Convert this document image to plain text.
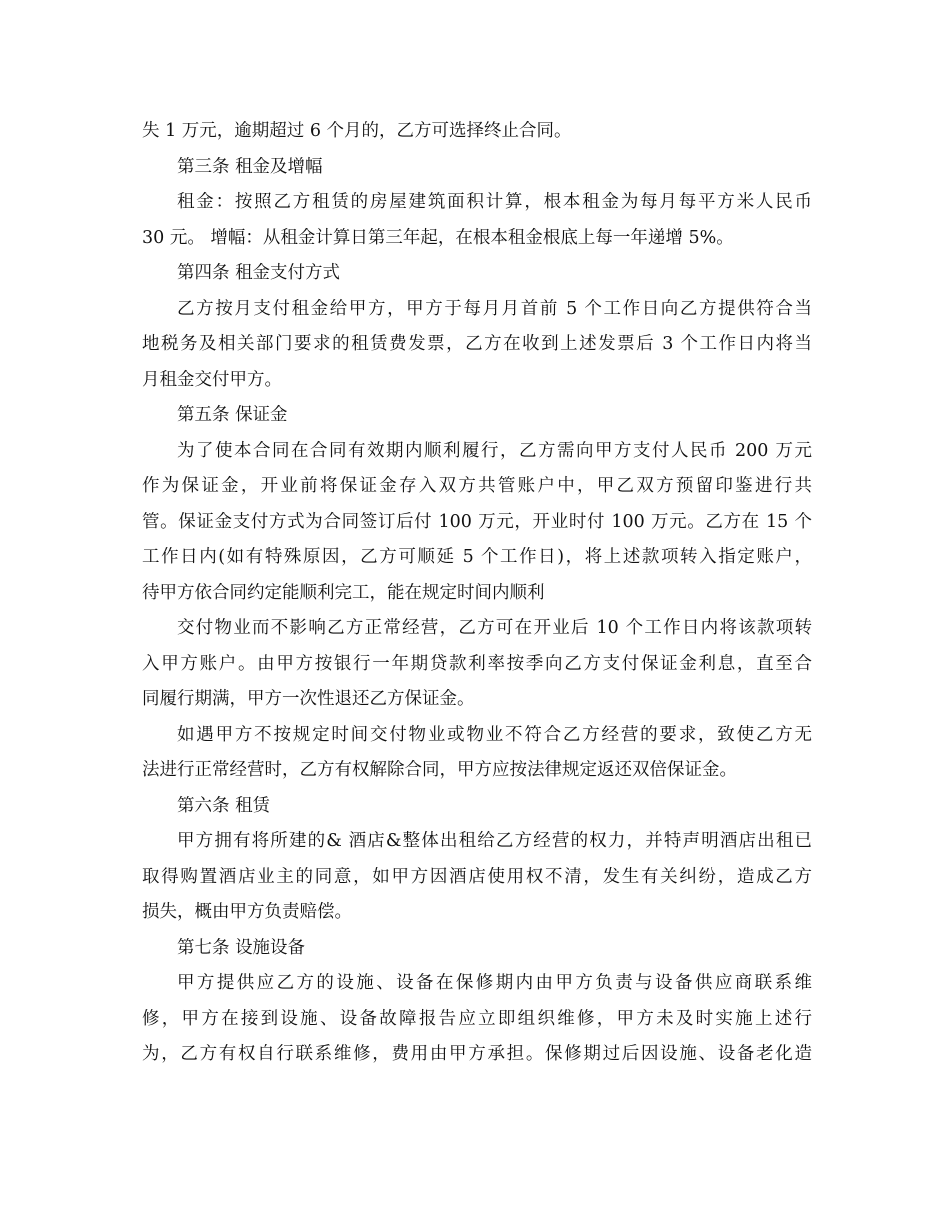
失 1 万元，逾期超过 6 个月的，乙方可选择终止合同。
第三条 租金及增幅
租金：按照乙方租赁的房屋建筑面积计算，根本租金为每月每平方米人民币
30 元。 增幅：从租金计算日第三年起，在根本租金根底上每一年递增 5%。
第四条 租金支付方式
乙方按月支付租金给甲方，甲方于每月月首前 5 个工作日向乙方提供符合当
地税务及相关部门要求的租赁费发票，乙方在收到上述发票后 3 个工作日内将当
月租金交付甲方。
第五条 保证金
为了使本合同在合同有效期内顺利履行，乙方需向甲方支付人民币 200 万元
作为保证金，开业前将保证金存入双方共管账户中，甲乙双方预留印鉴进行共
管。保证金支付方式为合同签订后付 100 万元，开业时付 100 万元。乙方在 15 个
工作日内(如有特殊原因，乙方可顺延 5 个工作日)，将上述款项转入指定账户，
待甲方依合同约定能顺利完工，能在规定时间内顺利
交付物业而不影响乙方正常经营，乙方可在开业后 10 个工作日内将该款项转
入甲方账户。由甲方按银行一年期贷款利率按季向乙方支付保证金利息，直至合
同履行期满，甲方一次性退还乙方保证金。
如遇甲方不按规定时间交付物业或物业不符合乙方经营的要求，致使乙方无
法进行正常经营时，乙方有权解除合同，甲方应按法律规定返还双倍保证金。
第六条 租赁
甲方拥有将所建的& 酒店&整体出租给乙方经营的权力，并特声明酒店出租已
取得购置酒店业主的同意，如甲方因酒店使用权不清，发生有关纠纷，造成乙方
损失，概由甲方负责赔偿。
第七条 设施设备
甲方提供应乙方的设施、设备在保修期内由甲方负责与设备供应商联系维
修，甲方在接到设施、设备故障报告应立即组织维修，甲方未及时实施上述行
为，乙方有权自行联系维修，费用由甲方承担。保修期过后因设施、设备老化造
